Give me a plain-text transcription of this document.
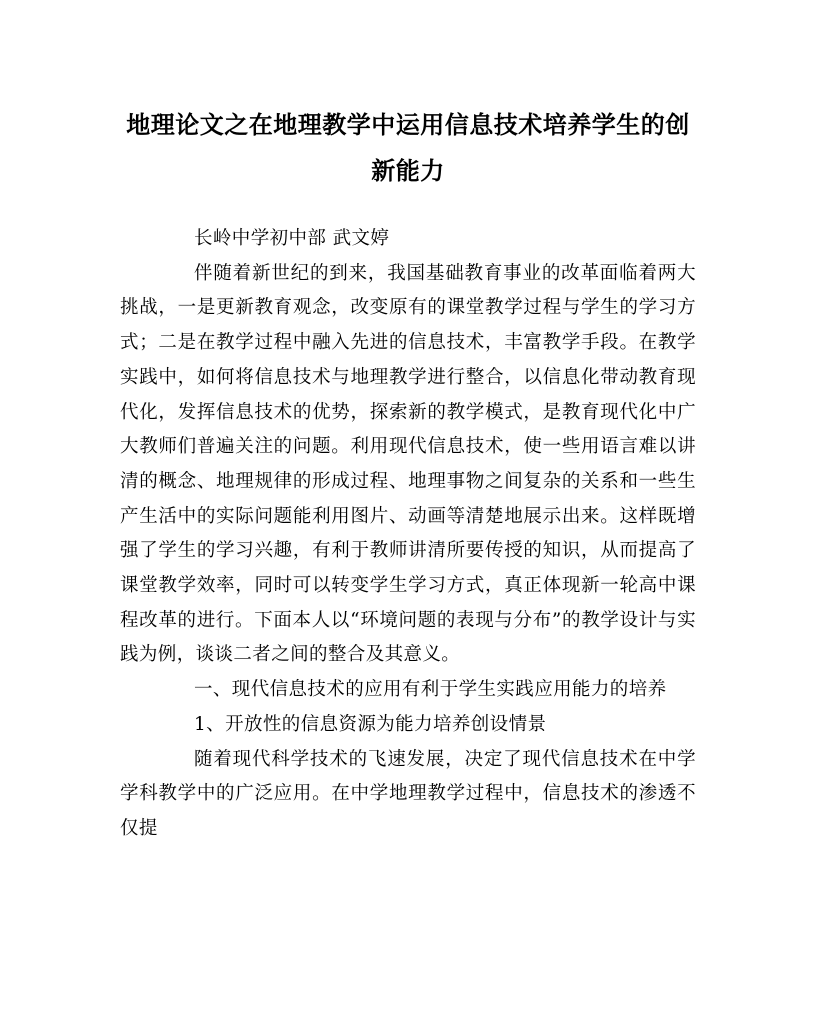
地理论文之在地理教学中运用信息技术培养学生的创新能力

长岭中学初中部 武文婷

伴随着新世纪的到来，我国基础教育事业的改革面临着两大挑战，一是更新教育观念，改变原有的课堂教学过程与学生的学习方式；二是在教学过程中融入先进的信息技术，丰富教学手段。在教学实践中，如何将信息技术与地理教学进行整合，以信息化带动教育现代化，发挥信息技术的优势，探索新的教学模式，是教育现代化中广大教师们普遍关注的问题。利用现代信息技术，使一些用语言难以讲清的概念、地理规律的形成过程、地理事物之间复杂的关系和一些生产生活中的实际问题能利用图片、动画等清楚地展示出来。这样既增强了学生的学习兴趣，有利于教师讲清所要传授的知识，从而提高了课堂教学效率，同时可以转变学生学习方式，真正体现新一轮高中课程改革的进行。下面本人以“环境问题的表现与分布”的教学设计与实践为例，谈谈二者之间的整合及其意义。

一、现代信息技术的应用有利于学生实践应用能力的培养

1、开放性的信息资源为能力培养创设情景

随着现代科学技术的飞速发展，决定了现代信息技术在中学学科教学中的广泛应用。在中学地理教学过程中，信息技术的渗透不仅提
